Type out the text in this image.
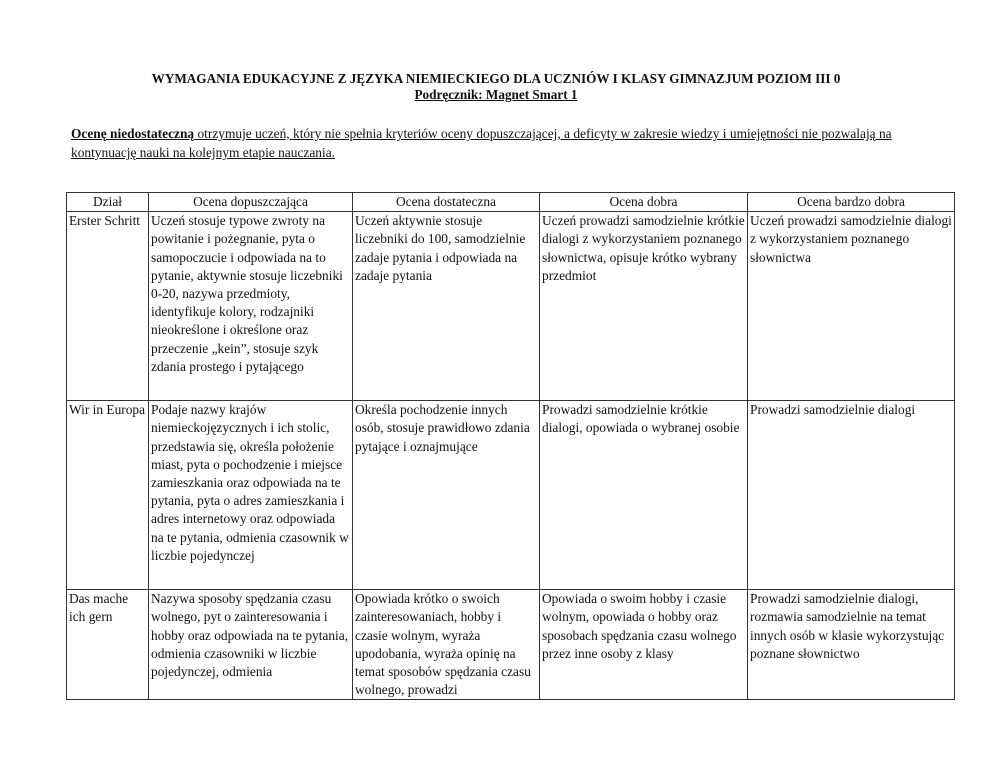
WYMAGANIA EDUKACYJNE Z JĘZYKA NIEMIECKIEGO DLA UCZNIÓW I KLASY GIMNAZJUM POZIOM III 0
Podręcznik: Magnet Smart 1
Ocenę niedostateczną otrzymuje uczeń, który nie spełnia kryteriów oceny dopuszczającej, a deficyty w zakresie wiedzy i umiejętności nie pozwalają na kontynuację nauki na kolejnym etapie nauczania.
Dział	Ocena dopuszczająca	Ocena dostateczna	Ocena dobra	Ocena bardzo dobra
Erster Schritt	Uczeń stosuje typowe zwroty na powitanie i pożegnanie, pyta o samopoczucie i odpowiada na to pytanie, aktywnie stosuje liczebniki 0-20, nazywa przedmioty, identyfikuje kolory, rodzajniki nieokreślone i określone oraz przeczenie „kein”, stosuje szyk zdania prostego i pytającego	Uczeń aktywnie stosuje liczebniki do 100, samodzielnie zadaje pytania i odpowiada na zadaje pytania	Uczeń prowadzi samodzielnie krótkie dialogi z wykorzystaniem poznanego słownictwa, opisuje krótko wybrany przedmiot	Uczeń prowadzi samodzielnie dialogi z wykorzystaniem poznanego słownictwa
Wir in Europa	Podaje nazwy krajów niemieckojęzycznych i ich stolic, przedstawia się, określa położenie miast, pyta o pochodzenie i miejsce zamieszkania oraz odpowiada na te pytania, pyta o adres zamieszkania i adres internetowy oraz odpowiada na te pytania, odmienia czasownik w liczbie pojedynczej	Określa pochodzenie innych osób, stosuje prawidłowo zdania pytające i oznajmujące	Prowadzi samodzielnie krótkie dialogi, opowiada o wybranej osobie	Prowadzi samodzielnie dialogi
Das mache ich gern	Nazywa sposoby spędzania czasu wolnego, pyt o zainteresowania i hobby oraz odpowiada na te pytania, odmienia czasowniki w liczbie pojedynczej, odmienia	Opowiada krótko o swoich zainteresowaniach, hobby i czasie wolnym, wyraża upodobania, wyraża opinię na temat sposobów spędzania czasu wolnego, prowadzi	Opowiada o swoim hobby i czasie wolnym, opowiada o hobby oraz sposobach spędzania czasu wolnego przez inne osoby z klasy	Prowadzi samodzielnie dialogi, rozmawia samodzielnie na temat innych osób w klasie wykorzystując poznane słownictwo
